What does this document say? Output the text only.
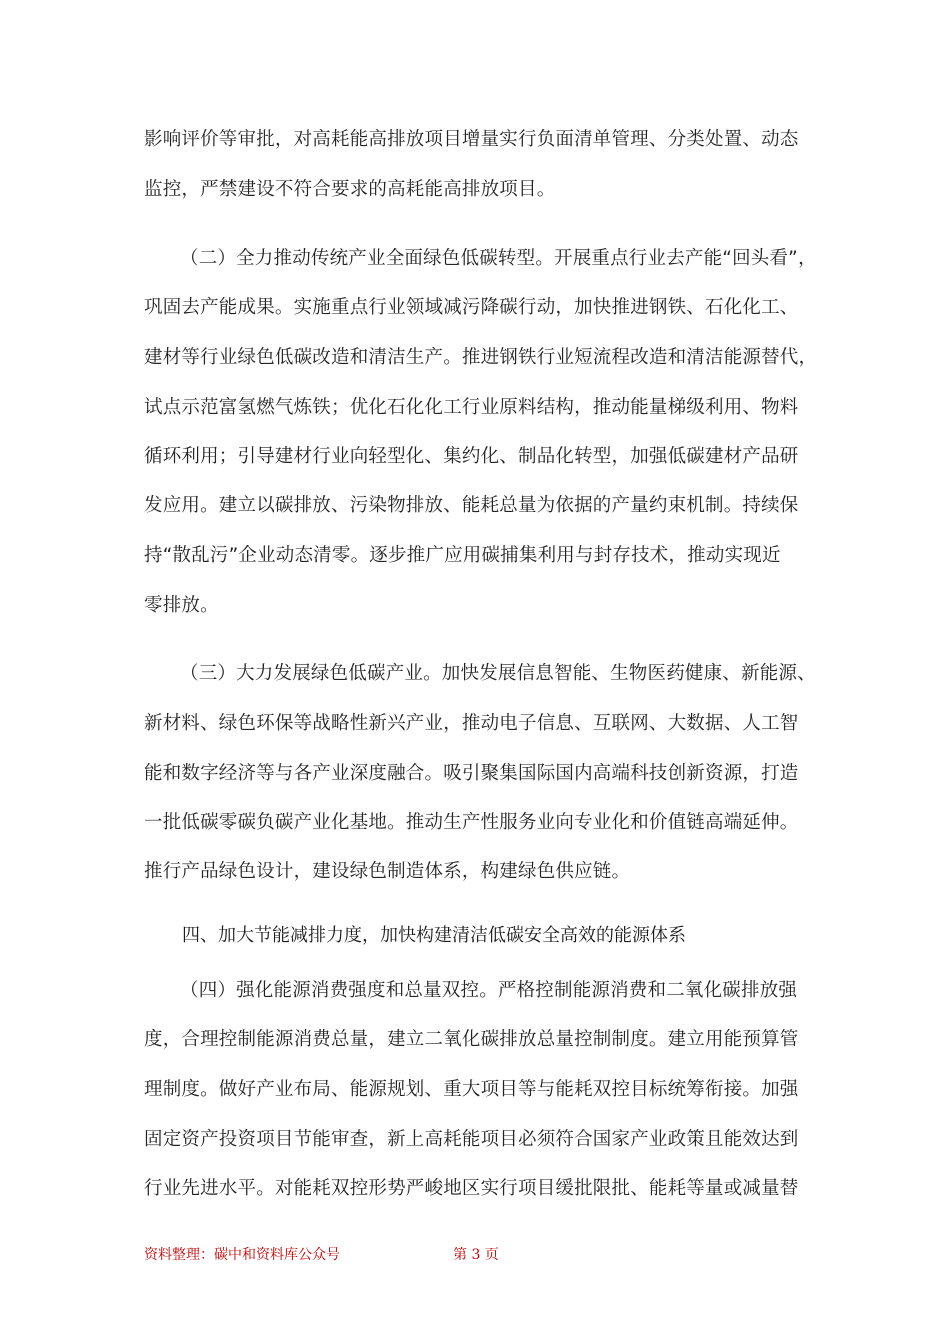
影响评价等审批，对高耗能高排放项目增量实行负面清单管理、分类处置、动态
监控，严禁建设不符合要求的高耗能高排放项目。
（二）全力推动传统产业全面绿色低碳转型。开展重点行业去产能“回头看”，
巩固去产能成果。实施重点行业领域减污降碳行动，加快推进钢铁、石化化工、
建材等行业绿色低碳改造和清洁生产。推进钢铁行业短流程改造和清洁能源替代，
试点示范富氢燃气炼铁；优化石化化工行业原料结构，推动能量梯级利用、物料
循环利用；引导建材行业向轻型化、集约化、制品化转型，加强低碳建材产品研
发应用。建立以碳排放、污染物排放、能耗总量为依据的产量约束机制。持续保
持“散乱污”企业动态清零。逐步推广应用碳捕集利用与封存技术，推动实现近
零排放。
（三）大力发展绿色低碳产业。加快发展信息智能、生物医药健康、新能源、
新材料、绿色环保等战略性新兴产业，推动电子信息、互联网、大数据、人工智
能和数字经济等与各产业深度融合。吸引聚集国际国内高端科技创新资源，打造
一批低碳零碳负碳产业化基地。推动生产性服务业向专业化和价值链高端延伸。
推行产品绿色设计，建设绿色制造体系，构建绿色供应链。
四、加大节能减排力度，加快构建清洁低碳安全高效的能源体系
（四）强化能源消费强度和总量双控。严格控制能源消费和二氧化碳排放强
度，合理控制能源消费总量，建立二氧化碳排放总量控制制度。建立用能预算管
理制度。做好产业布局、能源规划、重大项目等与能耗双控目标统筹衔接。加强
固定资产投资项目节能审查，新上高耗能项目必须符合国家产业政策且能效达到
行业先进水平。对能耗双控形势严峻地区实行项目缓批限批、能耗等量或减量替
资料整理：碳中和资料库公众号	第 3 页
